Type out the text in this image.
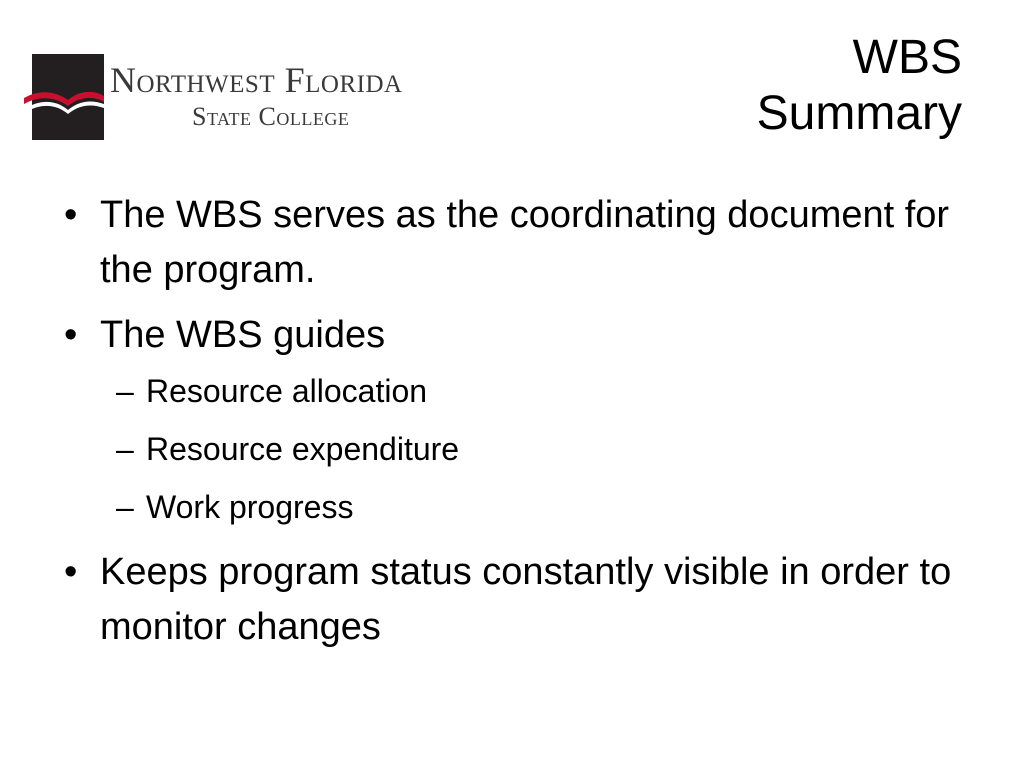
Northwest Florida
State College
WBS
Summary
• The WBS serves as the coordinating document for the program.
• The WBS guides
– Resource allocation
– Resource expenditure
– Work progress
• Keeps program status constantly visible in order to monitor changes
